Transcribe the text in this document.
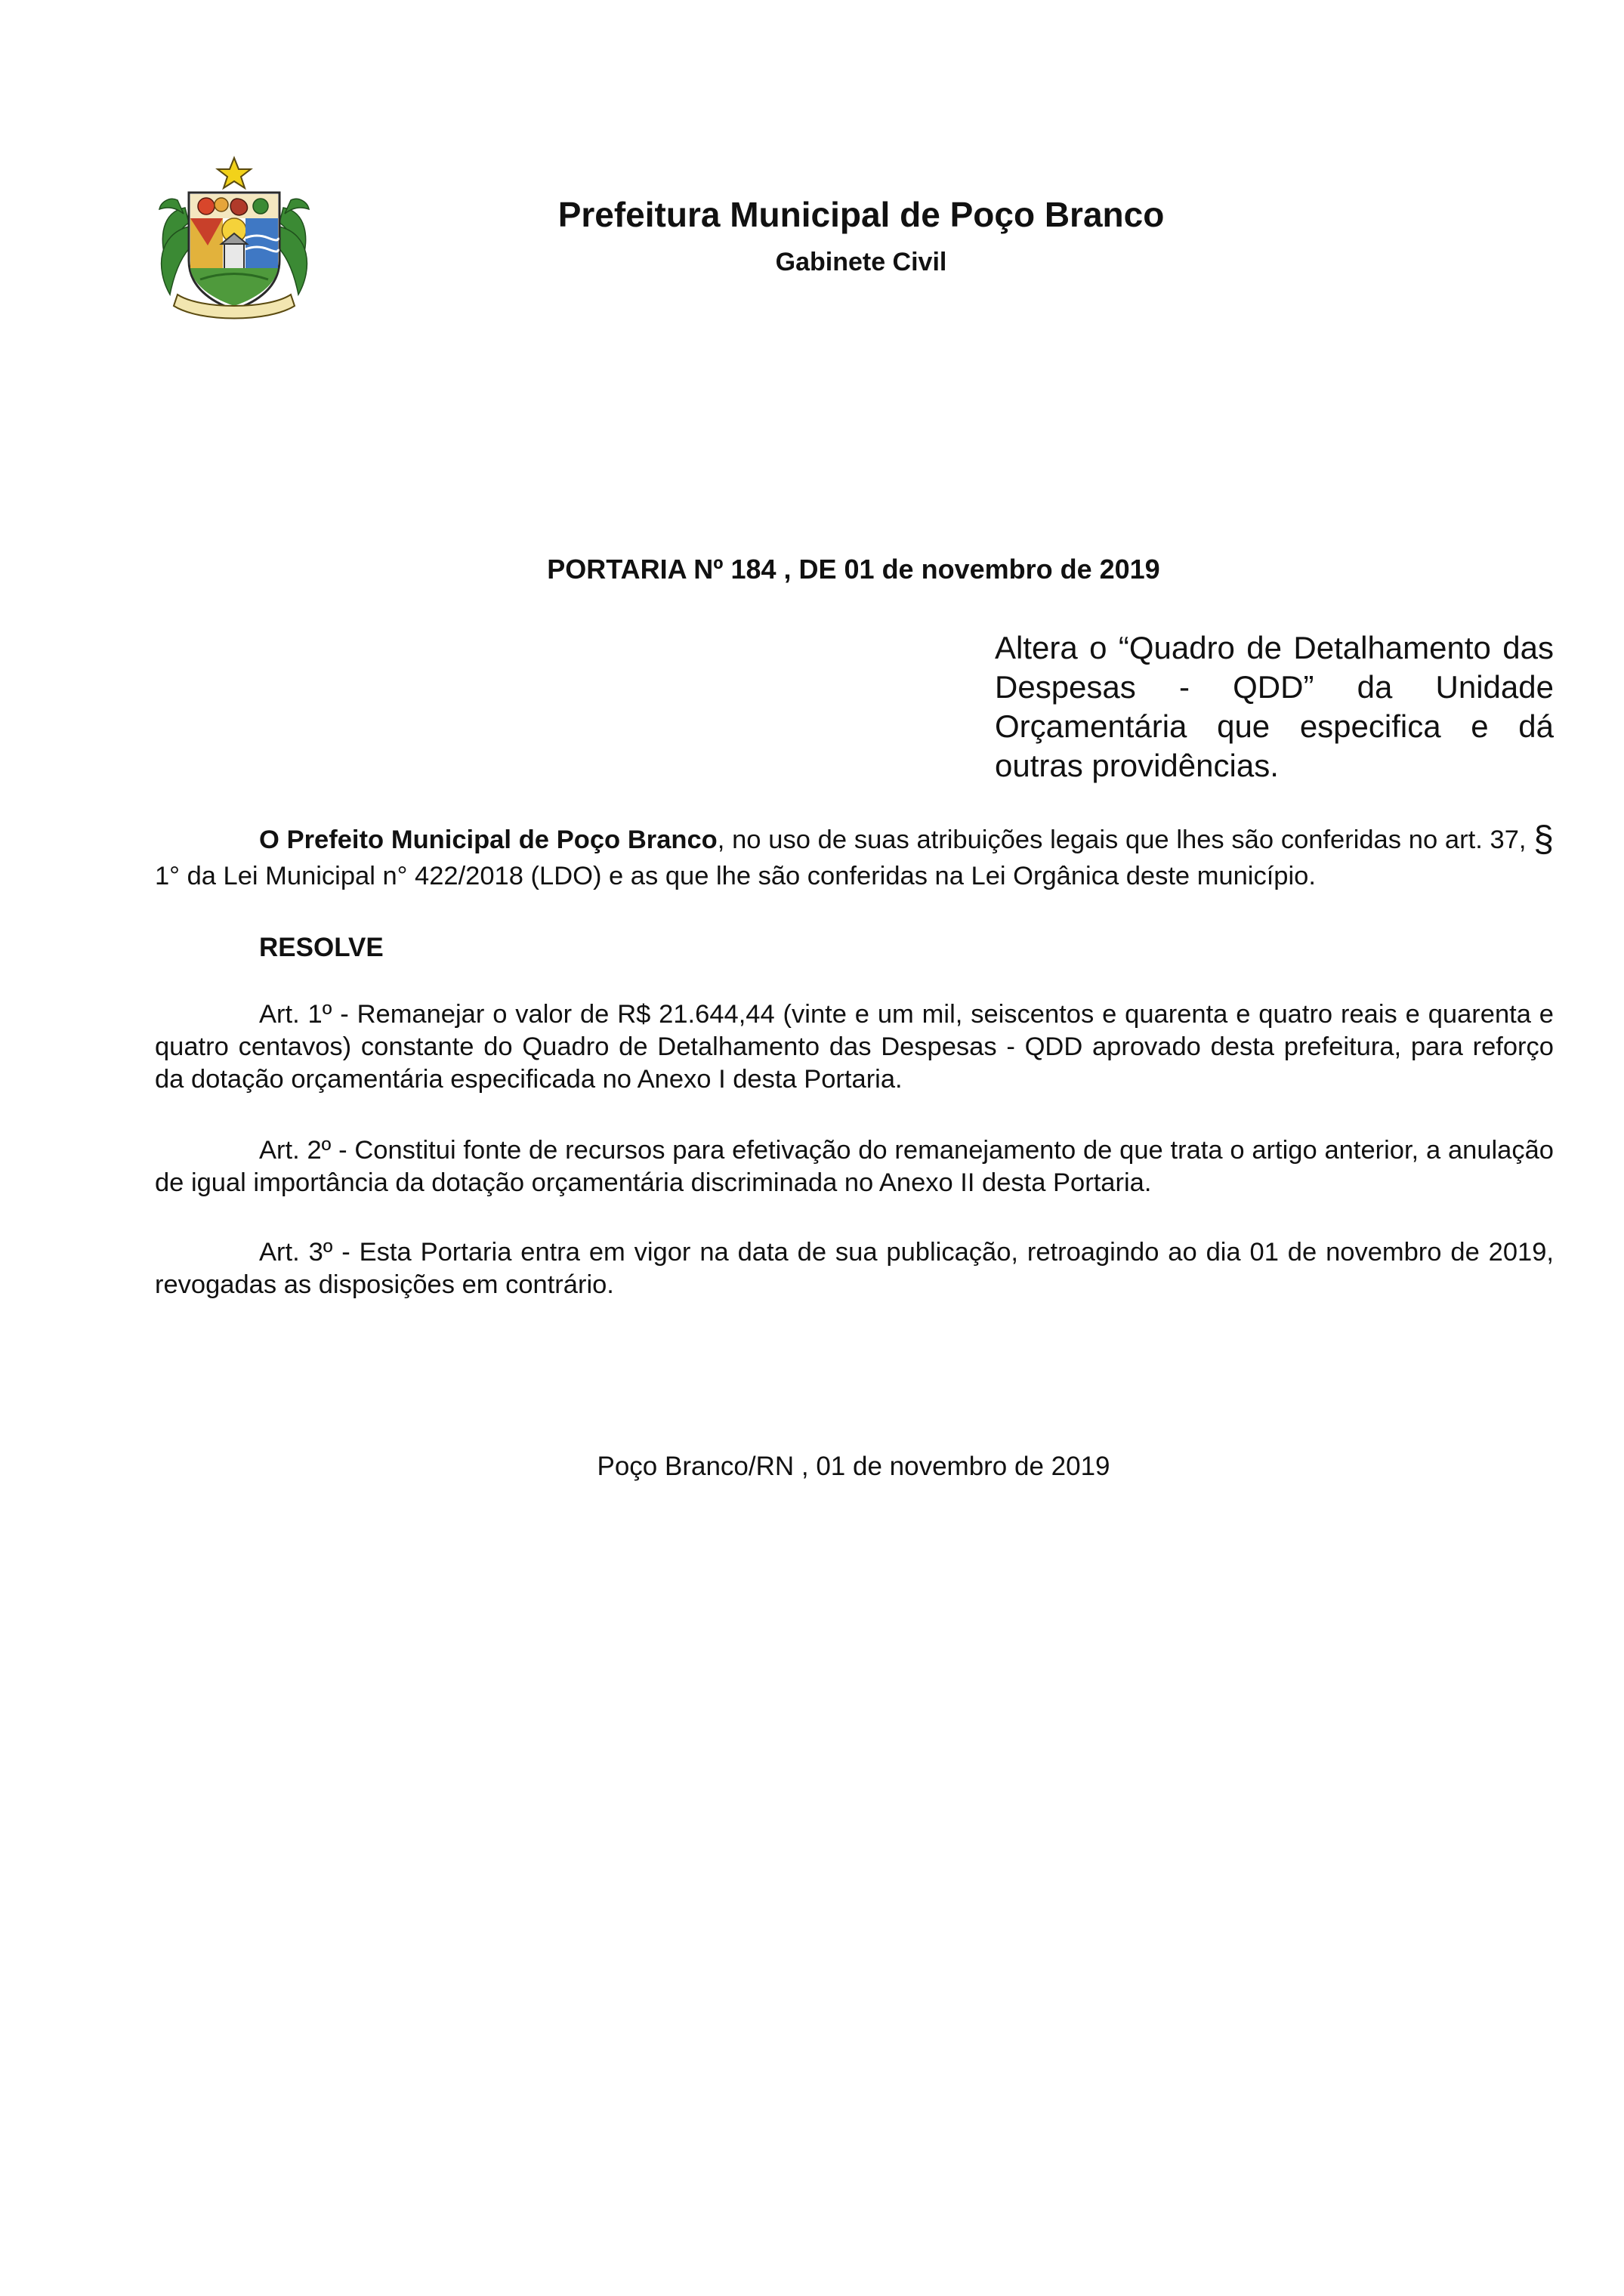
Prefeitura Municipal de Poço Branco
Gabinete Civil
PORTARIA Nº 184 , DE 01 de novembro de 2019
Altera o “Quadro de Detalhamento das Despesas - QDD” da Unidade Orçamentária que especifica e dá outras providências.
O Prefeito Municipal de Poço Branco, no uso de suas atribuições legais que lhes são conferidas no art. 37, § 1° da Lei Municipal n° 422/2018 (LDO) e as que lhe são conferidas na Lei Orgânica deste município.
RESOLVE
Art. 1º - Remanejar o valor de R$ 21.644,44 (vinte e um mil, seiscentos e quarenta e quatro reais e quarenta e quatro centavos) constante do Quadro de Detalhamento das Despesas - QDD aprovado desta prefeitura, para reforço da dotação orçamentária especificada no Anexo I desta Portaria.
Art. 2º - Constitui fonte de recursos para efetivação do remanejamento de que trata o artigo anterior, a anulação de igual importância da dotação orçamentária discriminada no Anexo II desta Portaria.
Art. 3º - Esta Portaria entra em vigor na data de sua publicação, retroagindo ao dia 01 de novembro de 2019, revogadas as disposições em contrário.
Poço Branco/RN , 01 de novembro de 2019
